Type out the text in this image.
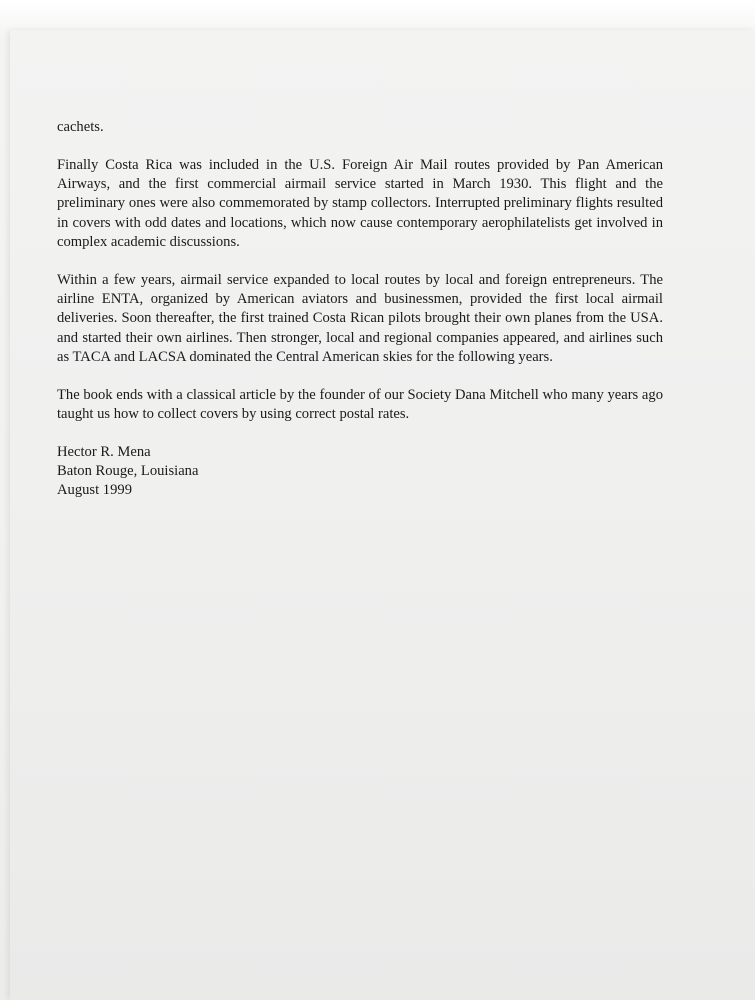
cachets.

Finally Costa Rica was included in the U.S. Foreign Air Mail routes provided by Pan American Airways, and the first commercial airmail service started in March 1930. This flight and the preliminary ones were also commemorated by stamp collectors. Interrupted preliminary flights resulted in covers with odd dates and locations, which now cause contemporary aerophilatelists get involved in complex academic discussions.

Within a few years, airmail service expanded to local routes by local and foreign entrepreneurs. The airline ENTA, organized by American aviators and businessmen, provided the first local airmail deliveries. Soon thereafter, the first trained Costa Rican pilots brought their own planes from the USA. and started their own airlines. Then stronger, local and regional companies appeared, and airlines such as TACA and LACSA dominated the Central American skies for the following years.

The book ends with a classical article by the founder of our Society Dana Mitchell who many years ago taught us how to collect covers by using correct postal rates.

Hector R. Mena
Baton Rouge, Louisiana
August 1999
